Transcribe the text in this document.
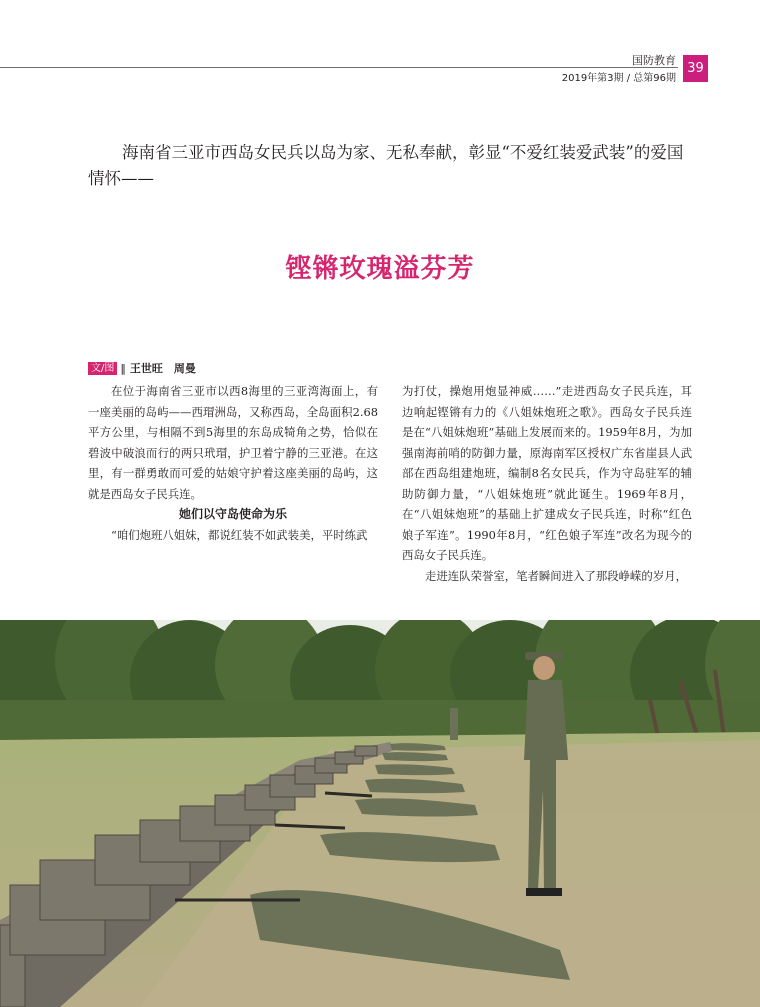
国防教育
2019年第3期 / 总第96期
39
海南省三亚市西岛女民兵以岛为家、无私奉献，彰显“不爱红装爱武装”的爱国情怀——
铿锵玫瑰溢芬芳
文/图 ‖ 王世旺　周曼

在位于海南省三亚市以西8海里的三亚湾海面上，有一座美丽的岛屿——西瑁洲岛，又称西岛，全岛面积2.68平方公里，与相隔不到5海里的东岛成犄角之势，恰似在碧波中破浪而行的两只玳瑁，护卫着宁静的三亚港。在这里，有一群勇敢而可爱的姑娘守护着这座美丽的岛屿，这就是西岛女子民兵连。

她们以守岛使命为乐

“咱们炮班八姐妹，都说红装不如武装美，平时练武

为打仗，操炮用炮显神威……”走进西岛女子民兵连，耳边响起铿锵有力的《八姐妹炮班之歌》。西岛女子民兵连是在“八姐妹炮班”基础上发展而来的。1959年8月，为加强南海前哨的防御力量，原海南军区授权广东省崖县人武部在西岛组建炮班，编制8名女民兵，作为守岛驻军的辅助防御力量，“八姐妹炮班”就此诞生。1969年8月，在“八姐妹炮班”的基础上扩建成女子民兵连，时称“红色娘子军连”。1990年8月，“红色娘子军连”改名为现今的西岛女子民兵连。

走进连队荣誉室，笔者瞬间进入了那段峥嵘的岁月，
